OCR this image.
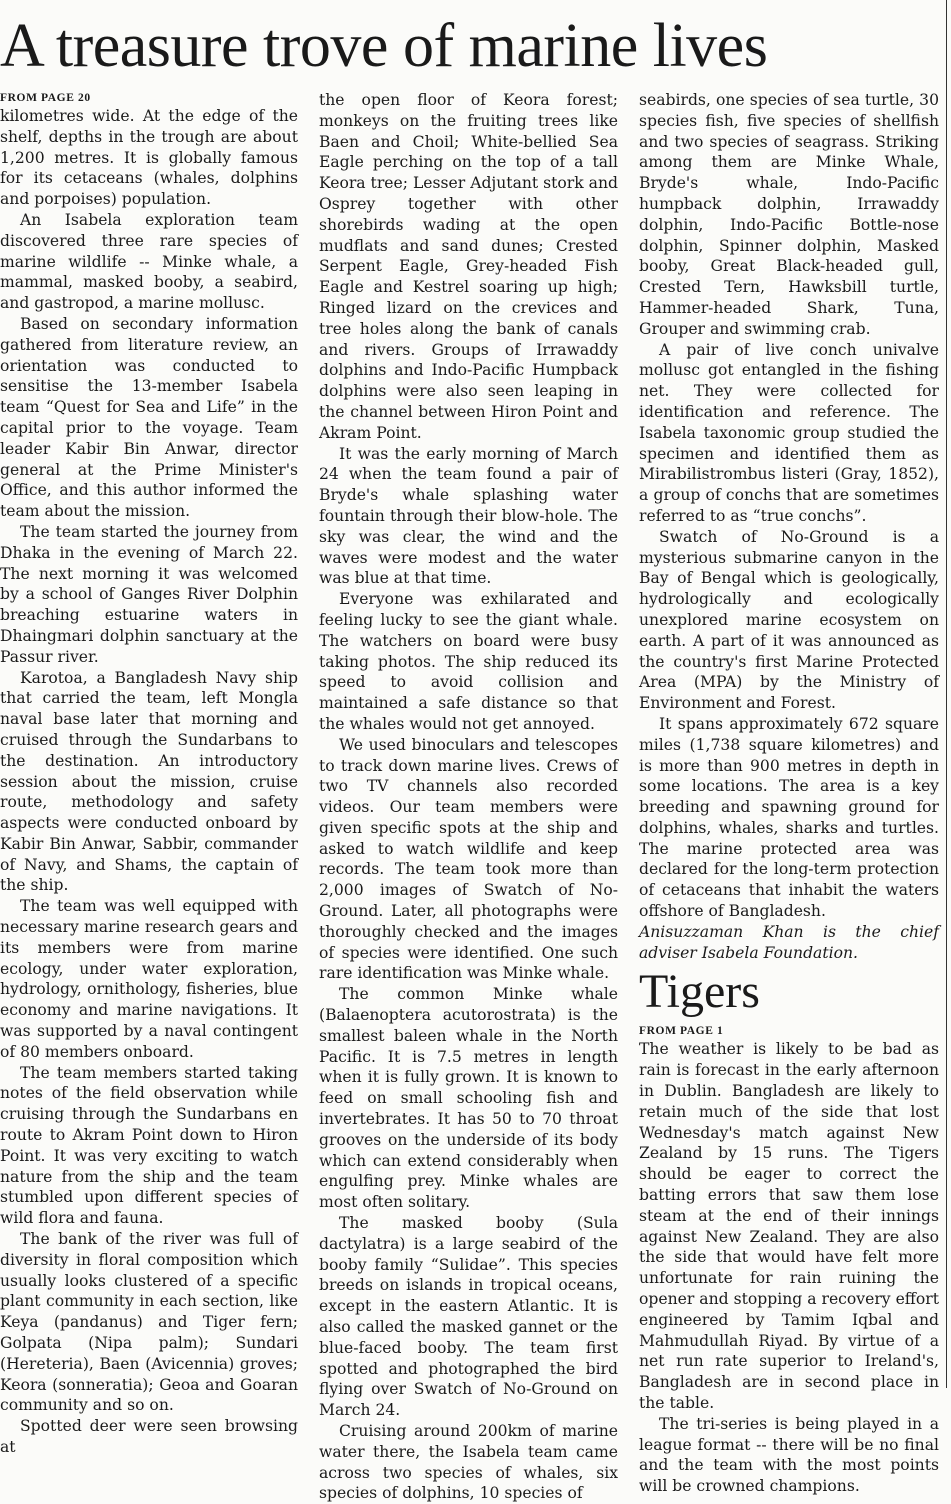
A treasure trove of marine lives
FROM PAGE 20

kilometres wide. At the edge of the shelf, depths in the trough are about 1,200 metres. It is globally famous for its cetaceans (whales, dolphins and porpoises) population.

An Isabela exploration team discovered three rare species of marine wildlife -- Minke whale, a mammal, masked booby, a seabird, and gastropod, a marine mollusc.

Based on secondary information gathered from literature review, an orientation was conducted to sensitise the 13-member Isabela team “Quest for Sea and Life” in the capital prior to the voyage. Team leader Kabir Bin Anwar, director general at the Prime Minister's Office, and this author informed the team about the mission.

The team started the journey from Dhaka in the evening of March 22. The next morning it was welcomed by a school of Ganges River Dolphin breaching estuarine waters in Dhaingmari dolphin sanctuary at the Passur river.

Karotoa, a Bangladesh Navy ship that carried the team, left Mongla naval base later that morning and cruised through the Sundarbans to the destination. An introductory session about the mission, cruise route, methodology and safety aspects were conducted onboard by Kabir Bin Anwar, Sabbir, commander of Navy, and Shams, the captain of the ship.

The team was well equipped with necessary marine research gears and its members were from marine ecology, under water exploration, hydrology, ornithology, fisheries, blue economy and marine navigations. It was supported by a naval contingent of 80 members onboard.

The team members started taking notes of the field observation while cruising through the Sundarbans en route to Akram Point down to Hiron Point. It was very exciting to watch nature from the ship and the team stumbled upon different species of wild flora and fauna.

The bank of the river was full of diversity in floral composition which usually looks clustered of a specific plant community in each section, like Keya (pandanus) and Tiger fern; Golpata (Nipa palm); Sundari (Hereteria), Baen (Avicennia) groves; Keora (sonneratia); Geoa and Goaran community and so on.

Spotted deer were seen browsing at

the open floor of Keora forest; monkeys on the fruiting trees like Baen and Choil; White-bellied Sea Eagle perching on the top of a tall Keora tree; Lesser Adjutant stork and Osprey together with other shorebirds wading at the open mudflats and sand dunes; Crested Serpent Eagle, Grey-headed Fish Eagle and Kestrel soaring up high; Ringed lizard on the crevices and tree holes along the bank of canals and rivers. Groups of Irrawaddy dolphins and Indo-Pacific Humpback dolphins were also seen leaping in the channel between Hiron Point and Akram Point.

It was the early morning of March 24 when the team found a pair of Bryde's whale splashing water fountain through their blow-hole. The sky was clear, the wind and the waves were modest and the water was blue at that time.

Everyone was exhilarated and feeling lucky to see the giant whale. The watchers on board were busy taking photos. The ship reduced its speed to avoid collision and maintained a safe distance so that the whales would not get annoyed.

We used binoculars and telescopes to track down marine lives. Crews of two TV channels also recorded videos. Our team members were given specific spots at the ship and asked to watch wildlife and keep records. The team took more than 2,000 images of Swatch of No-Ground. Later, all photographs were thoroughly checked and the images of species were identified. One such rare identification was Minke whale.

The common Minke whale (Balaenoptera acutorostrata) is the smallest baleen whale in the North Pacific. It is 7.5 metres in length when it is fully grown. It is known to feed on small schooling fish and invertebrates. It has 50 to 70 throat grooves on the underside of its body which can extend considerably when engulfing prey. Minke whales are most often solitary.

The masked booby (Sula dactylatra) is a large seabird of the booby family “Sulidae”. This species breeds on islands in tropical oceans, except in the eastern Atlantic. It is also called the masked gannet or the blue-faced booby. The team first spotted and photographed the bird flying over Swatch of No-Ground on March 24.

Cruising around 200km of marine water there, the Isabela team came across two species of whales, six species of dolphins, 10 species of

seabirds, one species of sea turtle, 30 species fish, five species of shellfish and two species of seagrass. Striking among them are Minke Whale, Bryde's whale, Indo-Pacific humpback dolphin, Irrawaddy dolphin, Indo-Pacific Bottle-nose dolphin, Spinner dolphin, Masked booby, Great Black-headed gull, Crested Tern, Hawksbill turtle, Hammer-headed Shark, Tuna, Grouper and swimming crab.

A pair of live conch univalve mollusc got entangled in the fishing net. They were collected for identification and reference. The Isabela taxonomic group studied the specimen and identified them as Mirabilistrombus listeri (Gray, 1852), a group of conchs that are sometimes referred to as “true conchs”.

Swatch of No-Ground is a mysterious submarine canyon in the Bay of Bengal which is geologically, hydrologically and ecologically unexplored marine ecosystem on earth. A part of it was announced as the country's first Marine Protected Area (MPA) by the Ministry of Environment and Forest.

It spans approximately 672 square miles (1,738 square kilometres) and is more than 900 metres in depth in some locations. The area is a key breeding and spawning ground for dolphins, whales, sharks and turtles. The marine protected area was declared for the long-term protection of cetaceans that inhabit the waters offshore of Bangladesh.

Anisuzzaman Khan is the chief adviser Isabela Foundation.

Tigers
FROM PAGE 1

The weather is likely to be bad as rain is forecast in the early afternoon in Dublin. Bangladesh are likely to retain much of the side that lost Wednesday's match against New Zealand by 15 runs. The Tigers should be eager to correct the batting errors that saw them lose steam at the end of their innings against New Zealand. They are also the side that would have felt more unfortunate for rain ruining the opener and stopping a recovery effort engineered by Tamim Iqbal and Mahmudullah Riyad. By virtue of a net run rate superior to Ireland's, Bangladesh are in second place in the table.

The tri-series is being played in a league format -- there will be no final and the team with the most points will be crowned champions.
